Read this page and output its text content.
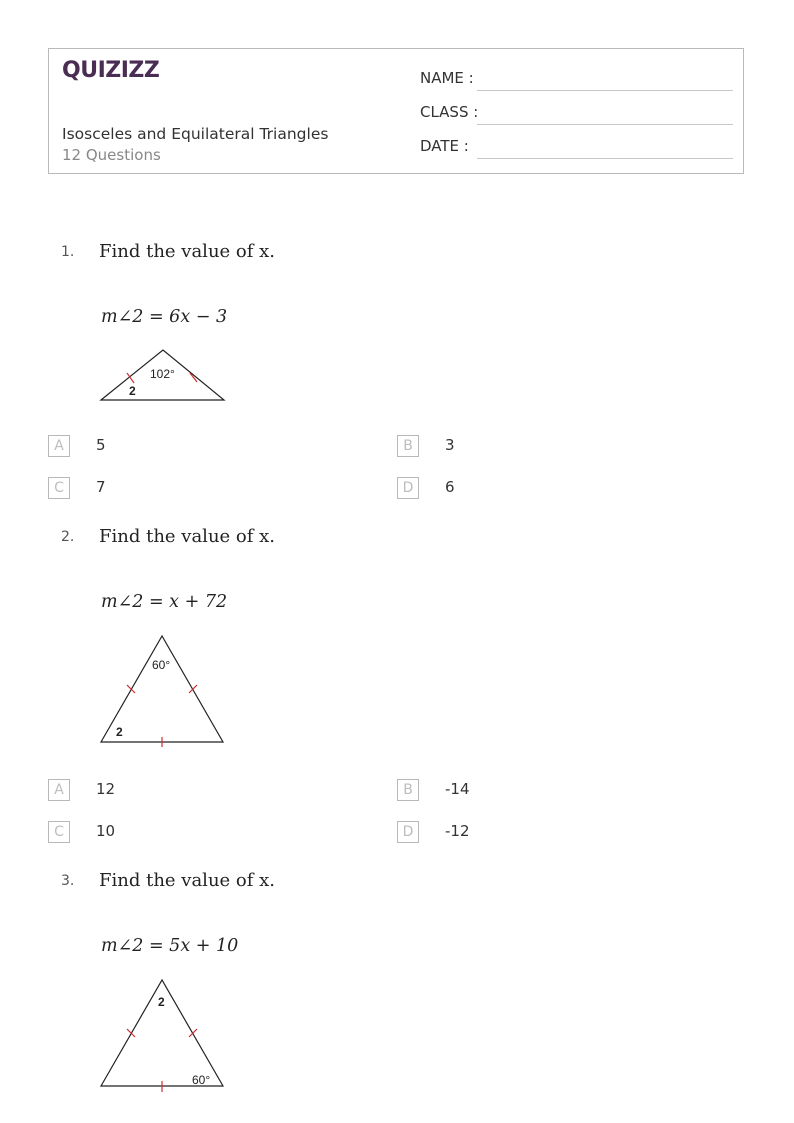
QUIZIZZ
Isosceles and Equilateral Triangles
12 Questions
NAME :
CLASS :
DATE :
1. Find the value of x.
m∠2 = 6x − 3
102°
2
A	5	B	3
C	7	D	6
2. Find the value of x.
m∠2 = x + 72
60°
2
A	12	B	-14
C	10	D	-12
3. Find the value of x.
m∠2 = 5x + 10
2
60°
